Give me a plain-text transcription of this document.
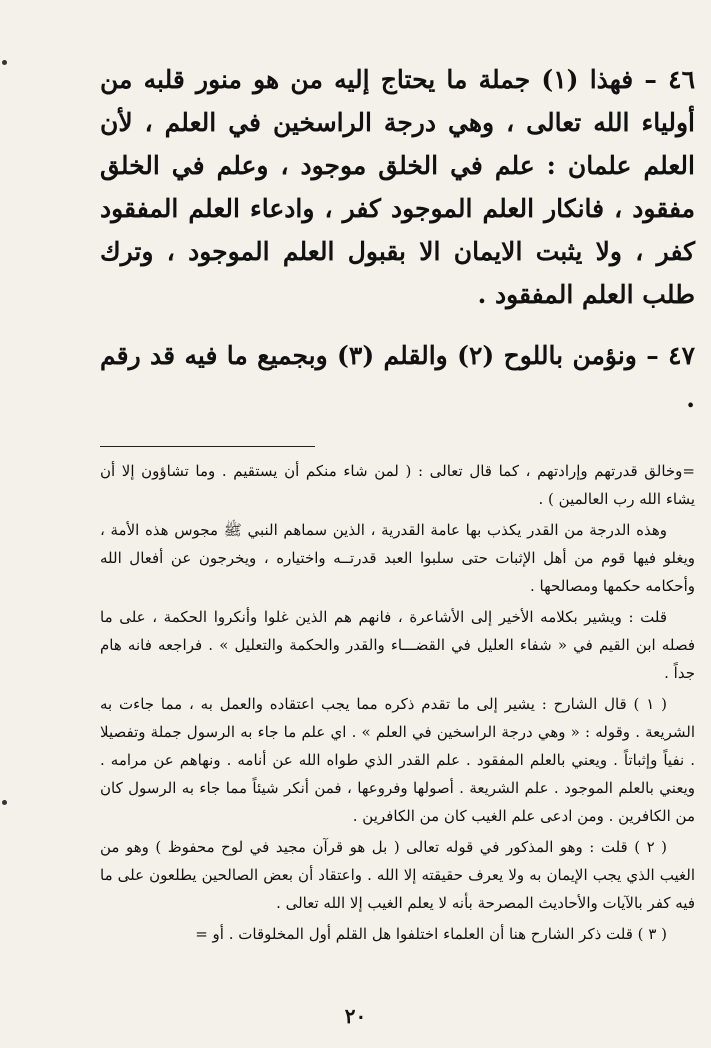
٤٦ – فهذا (١) جملة ما يحتاج إليه من هو منور قلبه من أولياء الله تعالى ، وهي درجة الراسخين في العلم ، لأن العلم علمان : علم في الخلق موجود ، وعلم في الخلق مفقود ، فانكار العلم الموجود كفر ، وادعاء العلم المفقود كفر ، ولا يثبت الايمان الا بقبول العلم الموجود ، وترك طلب العلم المفقود .

٤٧ – ونؤمن باللوح (٢) والقلم (٣) وبجميع ما فيه قد رقم .

=وخالق قدرتهم وإرادتهم ، كما قال تعالى : ( لمن شاء منكم أن يستقيم . وما تشاؤون إلا أن يشاء الله رب العالمين ) .

وهذه الدرجة من القدر يكذب بها عامة القدرية ، الذين سماهم النبي ﷺ مجوس هذه الأمة ، ويغلو فيها قوم من أهل الإثبات حتى سلبوا العبد قدرتــه واختياره ، ويخرجون عن أفعال الله وأحكامه حكمها ومصالحها .

قلت : ويشير بكلامه الأخير إلى الأشاعرة ، فانهم هم الذين غلوا وأنكروا الحكمة ، على ما فصله ابن القيم في « شفاء العليل في القضـــاء والقدر والحكمة والتعليل » . فراجعه فانه هام جداً .

( ١ ) قال الشارح : يشير إلى ما تقدم ذكره مما يجب اعتقاده والعمل به ، مما جاءت به الشريعة . وقوله : « وهي درجة الراسخين في العلم » . اي علم ما جاء به الرسول جملة وتفصيلا . نفياً وإثباتاً . ويعني بالعلم المفقود . علم القدر الذي طواه الله عن أنامه . ونهاهم عن مرامه . ويعني بالعلم الموجود . علم الشريعة . أصولها وفروعها ، فمن أنكر شيئاً مما جاء به الرسول كان من الكافرين . ومن ادعى علم الغيب كان من الكافرين .

( ٢ ) قلت : وهو المذكور في قوله تعالى ( بل هو قرآن مجيد في لوح محفوظ ) وهو من الغيب الذي يجب الإيمان به ولا يعرف حقيقته إلا الله . واعتقاد أن بعض الصالحين يطلعون على ما فيه كفر بالآيات والأحاديث المصرحة بأنه لا يعلم الغيب إلا الله تعالى .

( ٣ ) قلت ذكر الشارح هنا أن العلماء اختلفوا هل القلم أول المخلوقات . أو =

٢٠
